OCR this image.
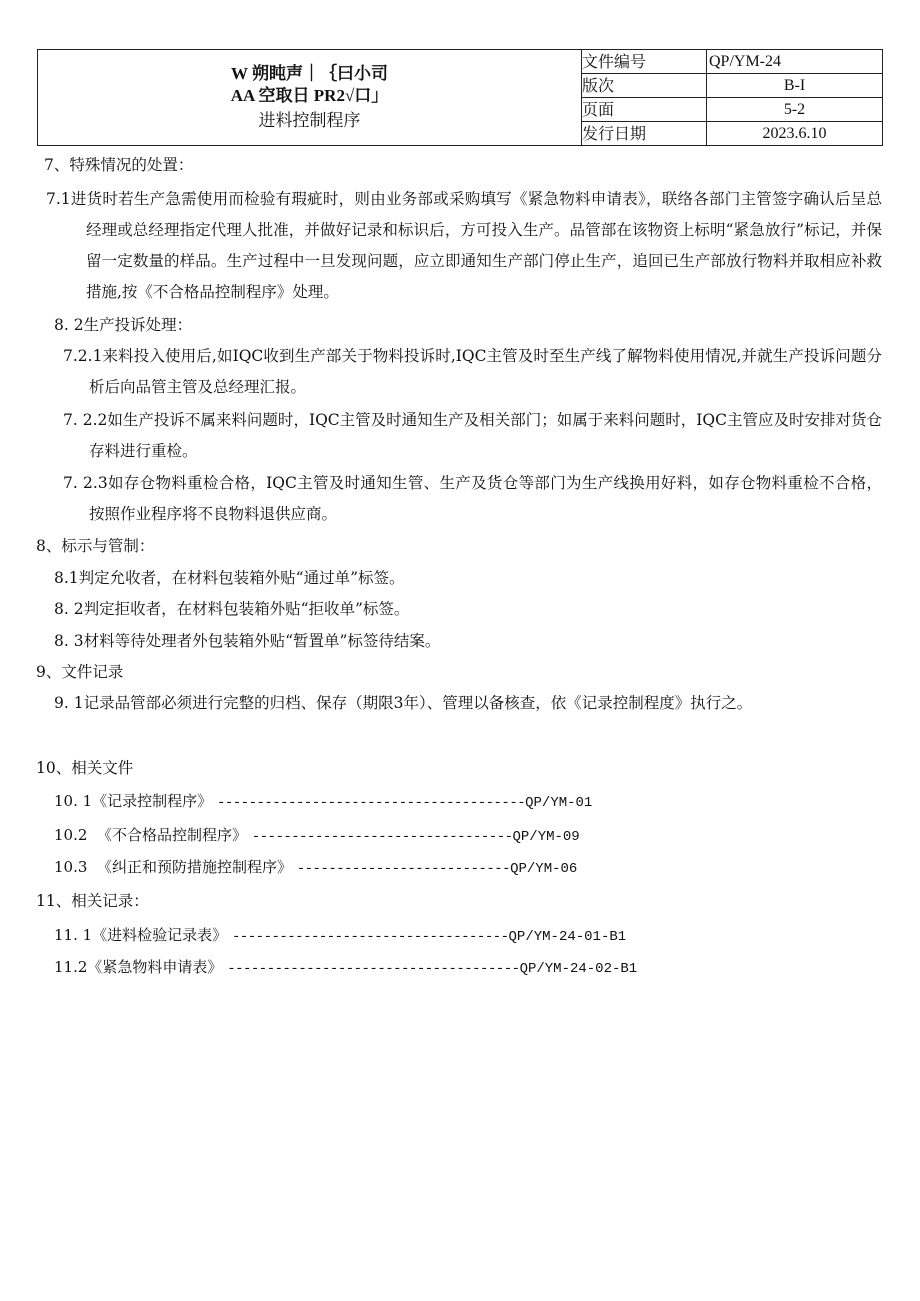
W 朔盹声｜｛曰小司
AA 空取日 PR2√口」
进料控制程序	文件编号	QP/YM-24
	版次	B-I
	页面	5-2
	发行日期	2023.6.10
7、特殊情况的处置：
7.1进货时若生产急需使用而检验有瑕疵时，则由业务部或采购填写《紧急物料申请表》，联络各部门主管签字确认后呈总经理或总经理指定代理人批准，并做好记录和标识后，方可投入生产。品管部在该物资上标明“紧急放行”标记，并保留一定数量的样品。生产过程中一旦发现问题，应立即通知生产部门停止生产，追回已生产部放行物料并取相应补救措施,按《不合格品控制程序》处理。
8. 2生产投诉处理：
7.2.1来料投入使用后,如IQC收到生产部关于物料投诉时,IQC主管及时至生产线了解物料使用情况,并就生产投诉问题分析后向品管主管及总经理汇报。
7. 2.2如生产投诉不属来料问题时，IQC主管及时通知生产及相关部门；如属于来料问题时，IQC主管应及时安排对货仓存料进行重检。
7. 2.3如存仓物料重检合格，IQC主管及时通知生管、生产及货仓等部门为生产线换用好料，如存仓物料重检不合格，按照作业程序将不良物料退供应商。
8、标示与管制：
8.1判定允收者，在材料包装箱外贴“通过单”标签。
8. 2判定拒收者，在材料包装箱外贴“拒收单”标签。
8. 3材料等待处理者外包装箱外贴“暂置单”标签待结案。
9、文件记录
9. 1记录品管部必须进行完整的归档、保存（期限3年）、管理以备核查，依《记录控制程度》执行之。
10、相关文件
10. 1《记录控制程序》 ---------------------------------------QP/YM-01
10.2 《不合格品控制程序》 ---------------------------------QP/YM-09
10.3 《纠正和预防措施控制程序》 ---------------------------QP/YM-06
11、相关记录：
11. 1《进料检验记录表》 -----------------------------------QP/YM-24-01-B1
11.2《紧急物料申请表》 -------------------------------------QP/YM-24-02-B1
